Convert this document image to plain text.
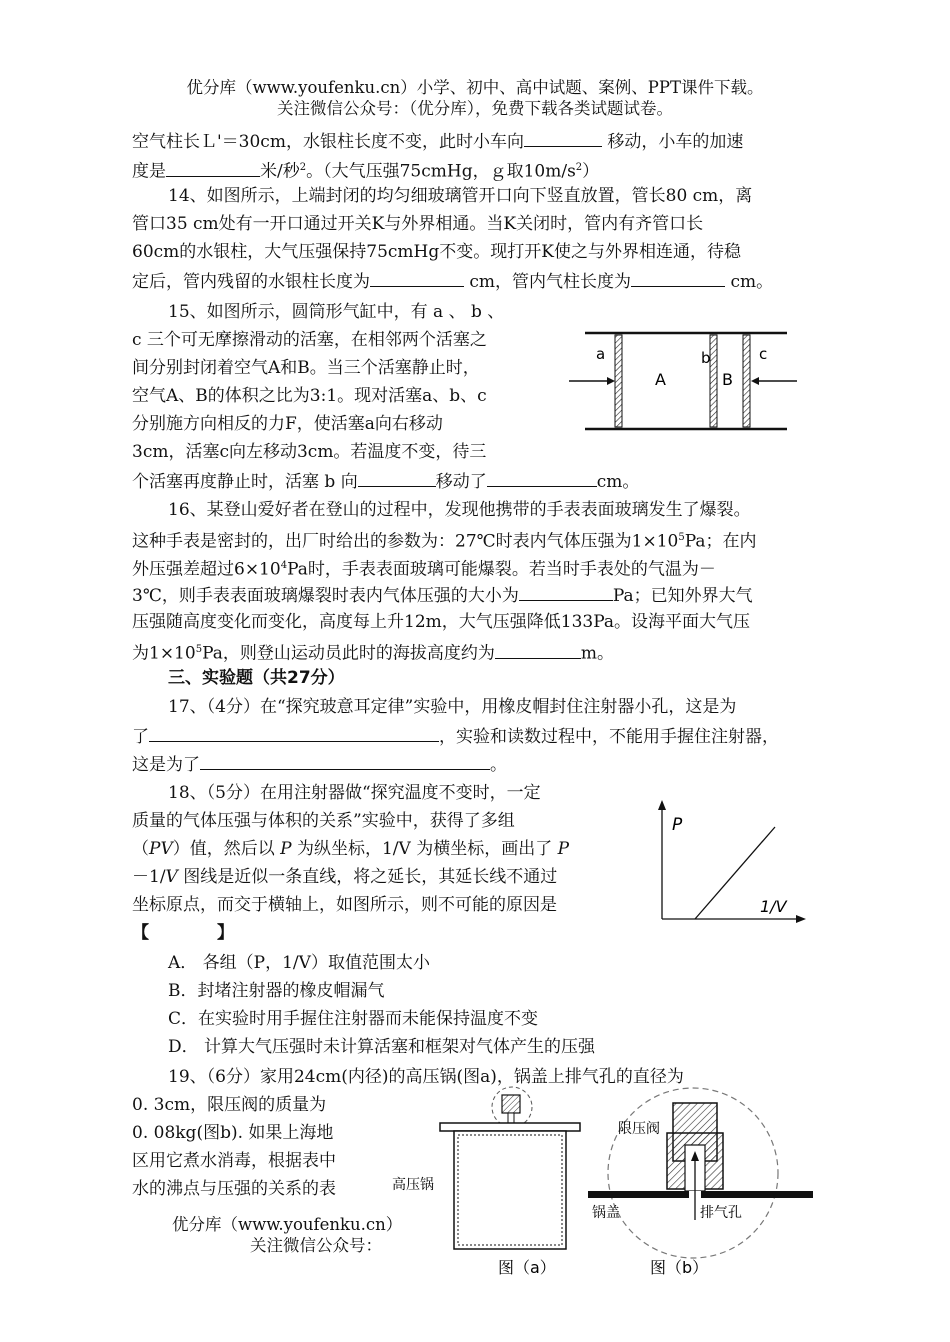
优分库（www.youfenku.cn）小学、初中、高中试题、案例、PPT课件下载。
关注微信公众号：（优分库），免费下载各类试题试卷。
空气柱长Ｌ'＝30cm，水银柱长度不变，此时小车向	移动，小车的加速
度是	米/秒$^2$。（大气压强75cmHg，ｇ取$10m/s^2$）
14、如图所示，上端封闭的均匀细玻璃管开口向下竖直放置，管长80 cm，离
管口35 cm处有一开口通过开关K与外界相通。当K关闭时，管内有齐管口长
60cm的水银柱，大气压强保持75cmHg不变。现打开K使之与外界相连通，待稳
定后，管内残留的水银柱长度为	cm，管内气柱长度为	cm。
15、如图所示，圆筒形气缸中，有 a 、 b 、
c 三个可无摩擦滑动的活塞，在相邻两个活塞之
间分别封闭着空气A和B。当三个活塞静止时，
空气A、B的体积之比为3:1。现对活塞a、b、c
分别施方向相反的力F，使活塞a向右移动
3cm，活塞c向左移动3cm。若温度不变，待三
个活塞再度静止时，活塞 b 向	移动了	cm。
a	b	c
A	B
16、某登山爱好者在登山的过程中，发现他携带的手表表面玻璃发生了爆裂。
这种手表是密封的，出厂时给出的参数为：27℃时表内气体压强为$1\times 10^5Pa$；在内
外压强差超过$6\times 10^4Pa$时，手表表面玻璃可能爆裂。若当时手表处的气温为－
3℃，则手表表面玻璃爆裂时表内气体压强的大小为	Pa；已知外界大气
压强随高度变化而变化，高度每上升12m，大气压强降低133Pa。设海平面大气压
为$1\times 10^5Pa$，则登山运动员此时的海拔高度约为	m。
三、实验题（共27分）
17、（4分）在“探究玻意耳定律”实验中，用橡皮帽封住注射器小孔，这是为
了	，实验和读数过程中，不能用手握住注射器，
这是为了	。
18、（5分）在用注射器做“探究温度不变时，一定
质量的气体压强与体积的关系”实验中，获得了多组
（PV）值，然后以 P 为纵坐标，1/V 为横坐标，画出了 P
－1/V 图线是近似一条直线，将之延长，其延长线不通过
坐标原点，而交于横轴上，如图所示，则不可能的原因是
【　　　　】
A． 各组（P，1/V）取值范围太小
B．封堵注射器的橡皮帽漏气
C．在实验时用手握住注射器而未能保持温度不变
D． 计算大气压强时未计算活塞和框架对气体产生的压强
P
1/V
19、（6分）家用24cm(内径)的高压锅(图a)，锅盖上排气孔的直径为
0. 3cm，限压阀的质量为
0. 08kg(图b). 如果上海地
区用它煮水消毒，根据表中
水的沸点与压强的关系的表	高压锅
图（a）
限压阀
锅盖	排气孔
图（b）
优分库（www.youfenku.cn）
关注微信公众号：
